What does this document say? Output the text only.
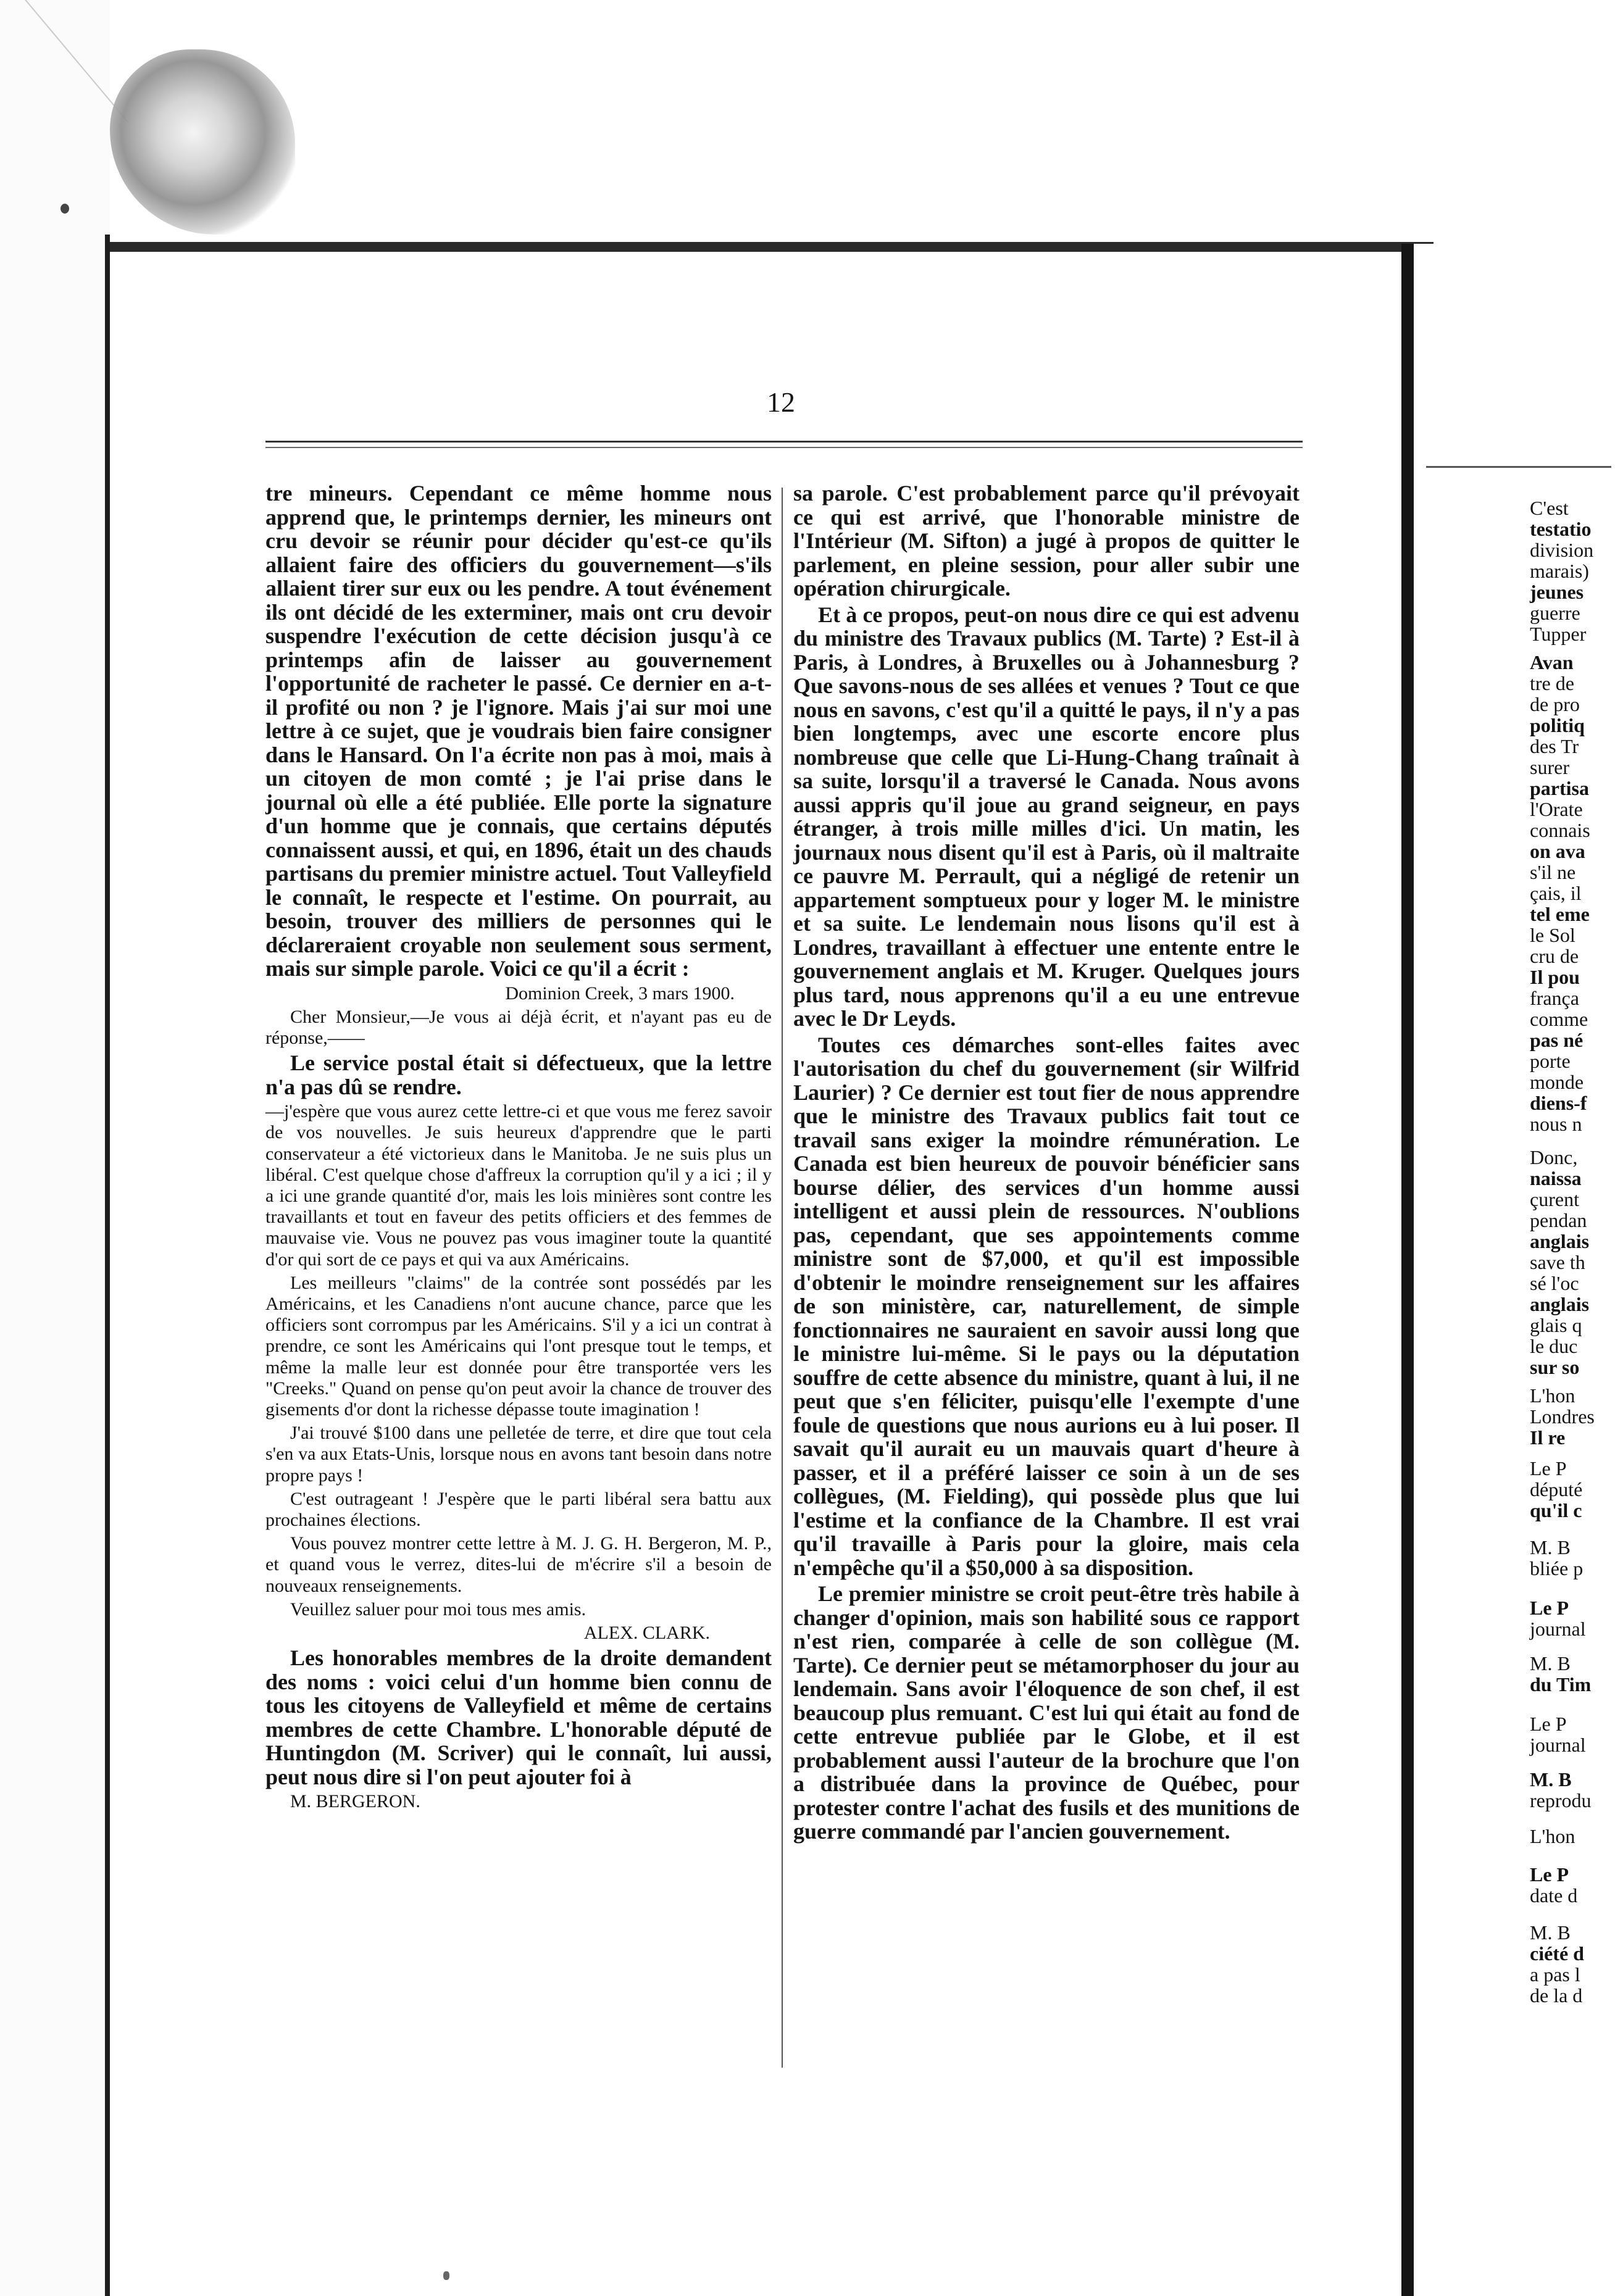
12

tre mineurs. Cependant ce même homme nous apprend que, le printemps dernier, les mineurs ont cru devoir se réunir pour décider qu'est-ce qu'ils allaient faire des officiers du gouvernement—s'ils allaient tirer sur eux ou les pendre. A tout événement ils ont décidé de les exterminer, mais ont cru devoir suspendre l'exécution de cette décision jusqu'à ce printemps afin de laisser au gouvernement l'opportunité de racheter le passé. Ce dernier en a-t-il profité ou non ? je l'ignore. Mais j'ai sur moi une lettre à ce sujet, que je voudrais bien faire consigner dans le Hansard. On l'a écrite non pas à moi, mais à un citoyen de mon comté ; je l'ai prise dans le journal où elle a été publiée. Elle porte la signature d'un homme que je connais, que certains députés connaissent aussi, et qui, en 1896, était un des chauds partisans du premier ministre actuel. Tout Valleyfield le connaît, le respecte et l'estime. On pourrait, au besoin, trouver des milliers de personnes qui le déclareraient croyable non seulement sous serment, mais sur simple parole. Voici ce qu'il a écrit :

Dominion Creek, 3 mars 1900.

Cher Monsieur,—Je vous ai déjà écrit, et n'ayant pas eu de réponse,——

Le service postal était si défectueux, que la lettre n'a pas dû se rendre.

—j'espère que vous aurez cette lettre-ci et que vous me ferez savoir de vos nouvelles. Je suis heureux d'apprendre que le parti conservateur a été victorieux dans le Manitoba. Je ne suis plus un libéral. C'est quelque chose d'affreux la corruption qu'il y a ici ; il y a ici une grande quantité d'or, mais les lois minières sont contre les travaillants et tout en faveur des petits officiers et des femmes de mauvaise vie. Vous ne pouvez pas vous imaginer toute la quantité d'or qui sort de ce pays et qui va aux Américains.

Les meilleurs "claims" de la contrée sont possédés par les Américains, et les Canadiens n'ont aucune chance, parce que les officiers sont corrompus par les Américains. S'il y a ici un contrat à prendre, ce sont les Américains qui l'ont presque tout le temps, et même la malle leur est donnée pour être transportée vers les "Creeks." Quand on pense qu'on peut avoir la chance de trouver des gisements d'or dont la richesse dépasse toute imagination !

J'ai trouvé $100 dans une pelletée de terre, et dire que tout cela s'en va aux Etats-Unis, lorsque nous en avons tant besoin dans notre propre pays !

C'est outrageant ! J'espère que le parti libéral sera battu aux prochaines élections.

Vous pouvez montrer cette lettre à M. J. G. H. Bergeron, M. P., et quand vous le verrez, dites-lui de m'écrire s'il a besoin de nouveaux renseignements.

Veuillez saluer pour moi tous mes amis.

ALEX. CLARK.

Les honorables membres de la droite demandent des noms : voici celui d'un homme bien connu de tous les citoyens de Valleyfield et même de certains membres de cette Chambre. L'honorable député de Huntingdon (M. Scriver) qui le connaît, lui aussi, peut nous dire si l'on peut ajouter foi à

M. BERGERON.

sa parole. C'est probablement parce qu'il prévoyait ce qui est arrivé, que l'honorable ministre de l'Intérieur (M. Sifton) a jugé à propos de quitter le parlement, en pleine session, pour aller subir une opération chirurgicale.

Et à ce propos, peut-on nous dire ce qui est advenu du ministre des Travaux publics (M. Tarte) ? Est-il à Paris, à Londres, à Bruxelles ou à Johannesburg ? Que savons-nous de ses allées et venues ? Tout ce que nous en savons, c'est qu'il a quitté le pays, il n'y a pas bien longtemps, avec une escorte encore plus nombreuse que celle que Li-Hung-Chang traînait à sa suite, lorsqu'il a traversé le Canada. Nous avons aussi appris qu'il joue au grand seigneur, en pays étranger, à trois mille milles d'ici. Un matin, les journaux nous disent qu'il est à Paris, où il maltraite ce pauvre M. Perrault, qui a négligé de retenir un appartement somptueux pour y loger M. le ministre et sa suite. Le lendemain nous lisons qu'il est à Londres, travaillant à effectuer une entente entre le gouvernement anglais et M. Kruger. Quelques jours plus tard, nous apprenons qu'il a eu une entrevue avec le Dr Leyds.

Toutes ces démarches sont-elles faites avec l'autorisation du chef du gouvernement (sir Wilfrid Laurier) ? Ce dernier est tout fier de nous apprendre que le ministre des Travaux publics fait tout ce travail sans exiger la moindre rémunération. Le Canada est bien heureux de pouvoir bénéficier sans bourse délier, des services d'un homme aussi intelligent et aussi plein de ressources. N'oublions pas, cependant, que ses appointements comme ministre sont de $7,000, et qu'il est impossible d'obtenir le moindre renseignement sur les affaires de son ministère, car, naturellement, de simple fonctionnaires ne sauraient en savoir aussi long que le ministre lui-même. Si le pays ou la députation souffre de cette absence du ministre, quant à lui, il ne peut que s'en féliciter, puisqu'elle l'exempte d'une foule de questions que nous aurions eu à lui poser. Il savait qu'il aurait eu un mauvais quart d'heure à passer, et il a préféré laisser ce soin à un de ses collègues, (M. Fielding), qui possède plus que lui l'estime et la confiance de la Chambre. Il est vrai qu'il travaille à Paris pour la gloire, mais cela n'empêche qu'il a $50,000 à sa disposition.

Le premier ministre se croit peut-être très habile à changer d'opinion, mais son habilité sous ce rapport n'est rien, comparée à celle de son collègue (M. Tarte). Ce dernier peut se métamorphoser du jour au lendemain. Sans avoir l'éloquence de son chef, il est beaucoup plus remuant. C'est lui qui était au fond de cette entrevue publiée par le Globe, et il est probablement aussi l'auteur de la brochure que l'on a distribuée dans la province de Québec, pour protester contre l'achat des fusils et des munitions de guerre commandé par l'ancien gouvernement.

C'est
testatio
division
marais)
jeunes
guerre
Tupper
Avan
tre de
de pro
politiq
des Tr
surer
partisa
l'Orate
connais
on ava
s'il ne
çais, il
tel eme
le Sol
cru de
Il pou
frança
comme
pas né
porte
monde
diens-f
nous n
Donc,
naissa
çurent
pendan
anglais
save th
sé l'oc
anglais
glais q
le duc
sur so
L'hon
Londres
Il re
Le P
député
qu'il c
M. B
bliée p
Le P
journal
M. B
du Tim
Le P
journal
M. B
reprodu
L'hon
Le P
date d
M. B
ciété d
a pas l
de la d
